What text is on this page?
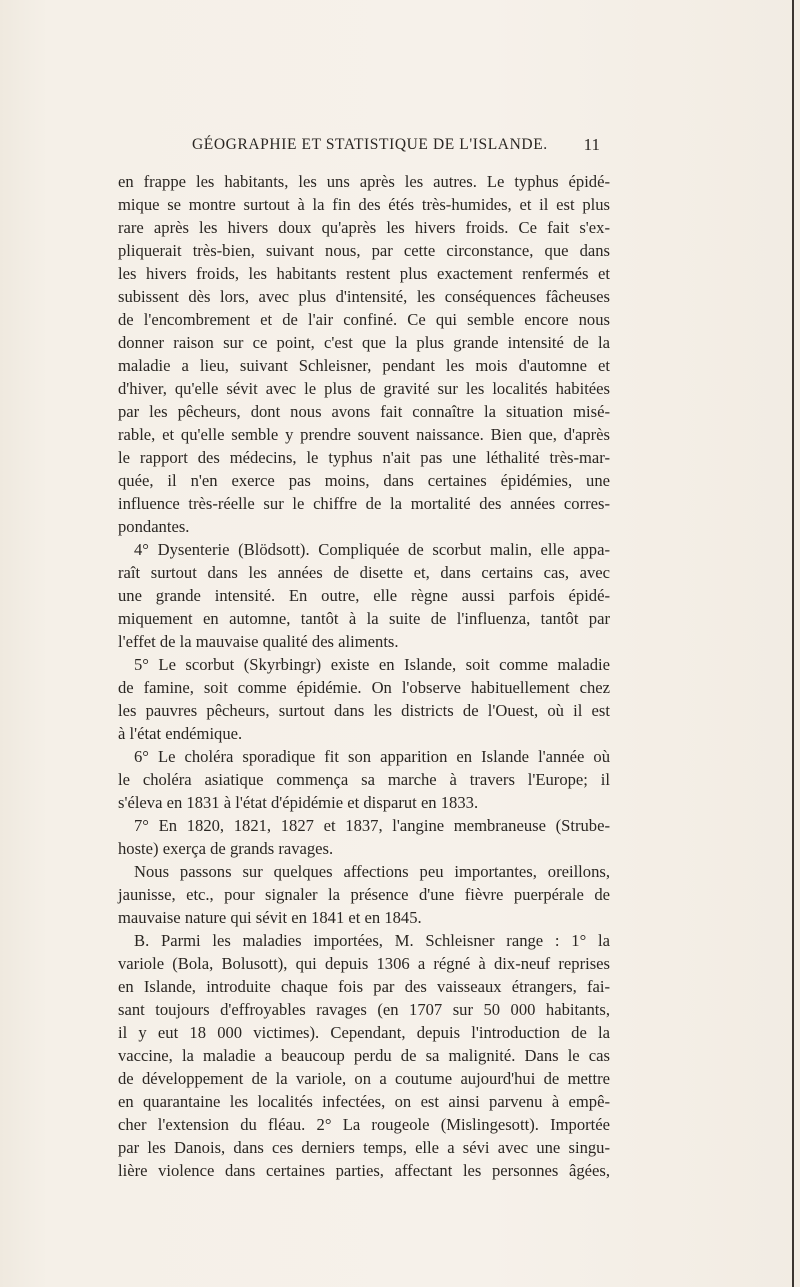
GÉOGRAPHIE ET STATISTIQUE DE L'ISLANDE. 11
en frappe les habitants, les uns après les autres. Le typhus épidé-
mique se montre surtout à la fin des étés très-humides, et il est plus
rare après les hivers doux qu'après les hivers froids. Ce fait s'ex-
pliquerait très-bien, suivant nous, par cette circonstance, que dans
les hivers froids, les habitants restent plus exactement renfermés et
subissent dès lors, avec plus d'intensité, les conséquences fâcheuses
de l'encombrement et de l'air confiné. Ce qui semble encore nous
donner raison sur ce point, c'est que la plus grande intensité de la
maladie a lieu, suivant Schleisner, pendant les mois d'automne et
d'hiver, qu'elle sévit avec le plus de gravité sur les localités habitées
par les pêcheurs, dont nous avons fait connaître la situation misé-
rable, et qu'elle semble y prendre souvent naissance. Bien que, d'après
le rapport des médecins, le typhus n'ait pas une léthalité très-mar-
quée, il n'en exerce pas moins, dans certaines épidémies, une
influence très-réelle sur le chiffre de la mortalité des années corres-
pondantes.
4° Dysenterie (Blödsott). Compliquée de scorbut malin, elle appa-
raît surtout dans les années de disette et, dans certains cas, avec
une grande intensité. En outre, elle règne aussi parfois épidé-
miquement en automne, tantôt à la suite de l'influenza, tantôt par
l'effet de la mauvaise qualité des aliments.
5° Le scorbut (Skyrbingr) existe en Islande, soit comme maladie
de famine, soit comme épidémie. On l'observe habituellement chez
les pauvres pêcheurs, surtout dans les districts de l'Ouest, où il est
à l'état endémique.
6° Le choléra sporadique fit son apparition en Islande l'année où
le choléra asiatique commença sa marche à travers l'Europe; il
s'éleva en 1831 à l'état d'épidémie et disparut en 1833.
7° En 1820, 1821, 1827 et 1837, l'angine membraneuse (Strube-
hoste) exerça de grands ravages.
Nous passons sur quelques affections peu importantes, oreillons,
jaunisse, etc., pour signaler la présence d'une fièvre puerpérale de
mauvaise nature qui sévit en 1841 et en 1845.
B. Parmi les maladies importées, M. Schleisner range : 1° la
variole (Bola, Bolusott), qui depuis 1306 a régné à dix-neuf reprises
en Islande, introduite chaque fois par des vaisseaux étrangers, fai-
sant toujours d'effroyables ravages (en 1707 sur 50 000 habitants,
il y eut 18 000 victimes). Cependant, depuis l'introduction de la
vaccine, la maladie a beaucoup perdu de sa malignité. Dans le cas
de développement de la variole, on a coutume aujourd'hui de mettre
en quarantaine les localités infectées, on est ainsi parvenu à empê-
cher l'extension du fléau. 2° La rougeole (Mislingesott). Importée
par les Danois, dans ces derniers temps, elle a sévi avec une singu-
lière violence dans certaines parties, affectant les personnes âgées,
